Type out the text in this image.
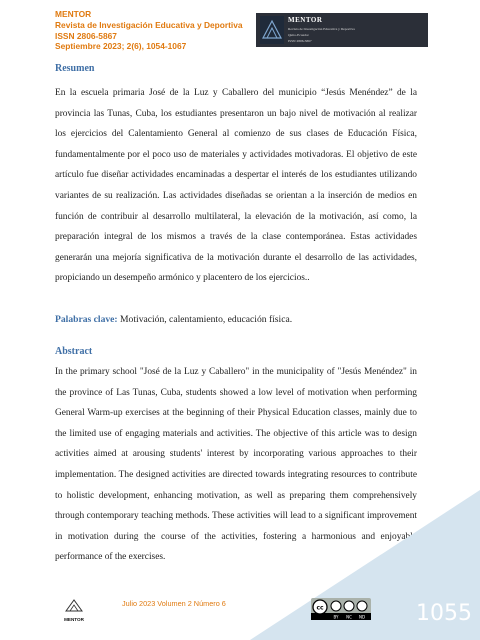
MENTOR
Revista de Investigación Educativa y Deportiva
ISSN 2806-5867
Septiembre 2023; 2(6), 1054-1067
MENTOR
Revista de Investigación Educativa y Deportiva
Quito-Ecuador
ISSN 2806-5867
Resumen
En la escuela primaria José de la Luz y Caballero del municipio “Jesús Menéndez” de la provincia las Tunas, Cuba, los estudiantes presentaron un bajo nivel de motivación al realizar los ejercicios del Calentamiento General al comienzo de sus clases de Educación Física, fundamentalmente por el poco uso de materiales y actividades motivadoras. El objetivo de este artículo fue diseñar actividades encaminadas a despertar el interés de los estudiantes utilizando variantes de su realización. Las actividades diseñadas se orientan a la inserción de medios en función de contribuir al desarrollo multilateral, la elevación de la motivación, así como, la preparación integral de los mismos a través de la clase contemporánea. Estas actividades generarán una mejoría significativa de la motivación durante el desarrollo de las actividades, propiciando un desempeño armónico y placentero de los ejercicios..
Palabras clave: Motivación, calentamiento, educación física.
Abstract
In the primary school "José de la Luz y Caballero" in the municipality of "Jesús Menéndez" in the province of Las Tunas, Cuba, students showed a low level of motivation when performing General Warm-up exercises at the beginning of their Physical Education classes, mainly due to the limited use of engaging materials and activities. The objective of this article was to design activities aimed at arousing students' interest by incorporating various approaches to their implementation. The designed activities are directed towards integrating resources to contribute to holistic development, enhancing motivation, as well as preparing them comprehensively through contemporary teaching methods. These activities will lead to a significant improvement in motivation during the course of the activities, fostering a harmonious and enjoyable performance of the exercises.
MENTOR
Julio 2023 Volumen 2 Número 6	cc
BY NC ND 1055
